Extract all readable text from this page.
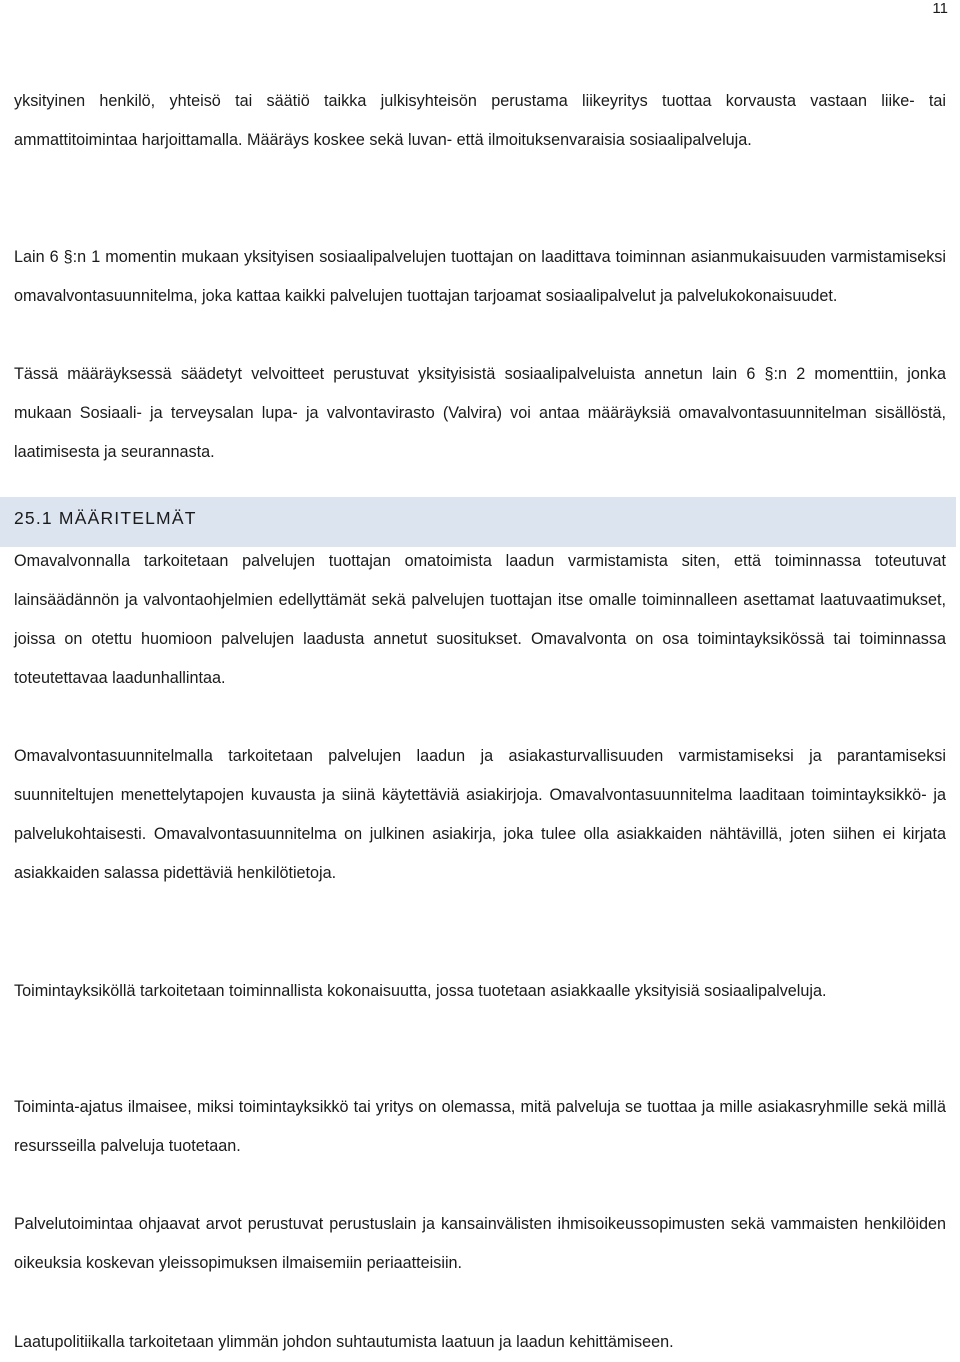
11

yksityinen henkilö, yhteisö tai säätiö taikka julkisyhteisön perustama liikeyritys tuottaa korvausta vastaan liike- tai ammattitoimintaa harjoittamalla. Määräys koskee sekä luvan- että ilmoituksenvaraisia sosiaalipalveluja.

Lain 6 §:n 1 momentin mukaan yksityisen sosiaalipalvelujen tuottajan on laadittava toiminnan asianmukaisuuden varmistamiseksi omavalvontasuunnitelma, joka kattaa kaikki palvelujen tuottajan tarjoamat sosiaalipalvelut ja palvelukokonaisuudet.

Tässä määräyksessä säädetyt velvoitteet perustuvat yksityisistä sosiaalipalveluista annetun lain 6 §:n 2 momenttiin, jonka mukaan Sosiaali- ja terveysalan lupa- ja valvontavirasto (Valvira) voi antaa määräyksiä omavalvontasuunnitelman sisällöstä, laatimisesta ja seurannasta.

25.1 MÄÄRITELMÄT

Omavalvonnalla tarkoitetaan palvelujen tuottajan omatoimista laadun varmistamista siten, että toiminnassa toteutuvat lainsäädännön ja valvontaohjelmien edellyttämät sekä palvelujen tuottajan itse omalle toiminnalleen asettamat laatuvaatimukset, joissa on otettu huomioon palvelujen laadusta annetut suositukset. Omavalvonta on osa toimintayksikössä tai toiminnassa toteutettavaa laadunhallintaa.

Omavalvontasuunnitelmalla tarkoitetaan palvelujen laadun ja asiakasturvallisuuden varmistamiseksi ja parantamiseksi suunniteltujen menettelytapojen kuvausta ja siinä käytettäviä asiakirjoja. Omavalvontasuunnitelma laaditaan toimintayksikkö- ja palvelukohtaisesti. Omavalvontasuunnitelma on julkinen asiakirja, joka tulee olla asiakkaiden nähtävillä, joten siihen ei kirjata asiakkaiden salassa pidettäviä henkilötietoja.

Toimintayksiköllä tarkoitetaan toiminnallista kokonaisuutta, jossa tuotetaan asiakkaalle yksityisiä sosiaalipalveluja.

Toiminta-ajatus ilmaisee, miksi toimintayksikkö tai yritys on olemassa, mitä palveluja se tuottaa ja mille asiakasryhmille sekä millä resursseilla palveluja tuotetaan.

Palvelutoimintaa ohjaavat arvot perustuvat perustuslain ja kansainvälisten ihmisoikeussopimusten sekä vammaisten henkilöiden oikeuksia koskevan yleissopimuksen ilmaisemiin periaatteisiin.

Laatupolitiikalla tarkoitetaan ylimmän johdon suhtautumista laatuun ja laadun kehittämiseen.
